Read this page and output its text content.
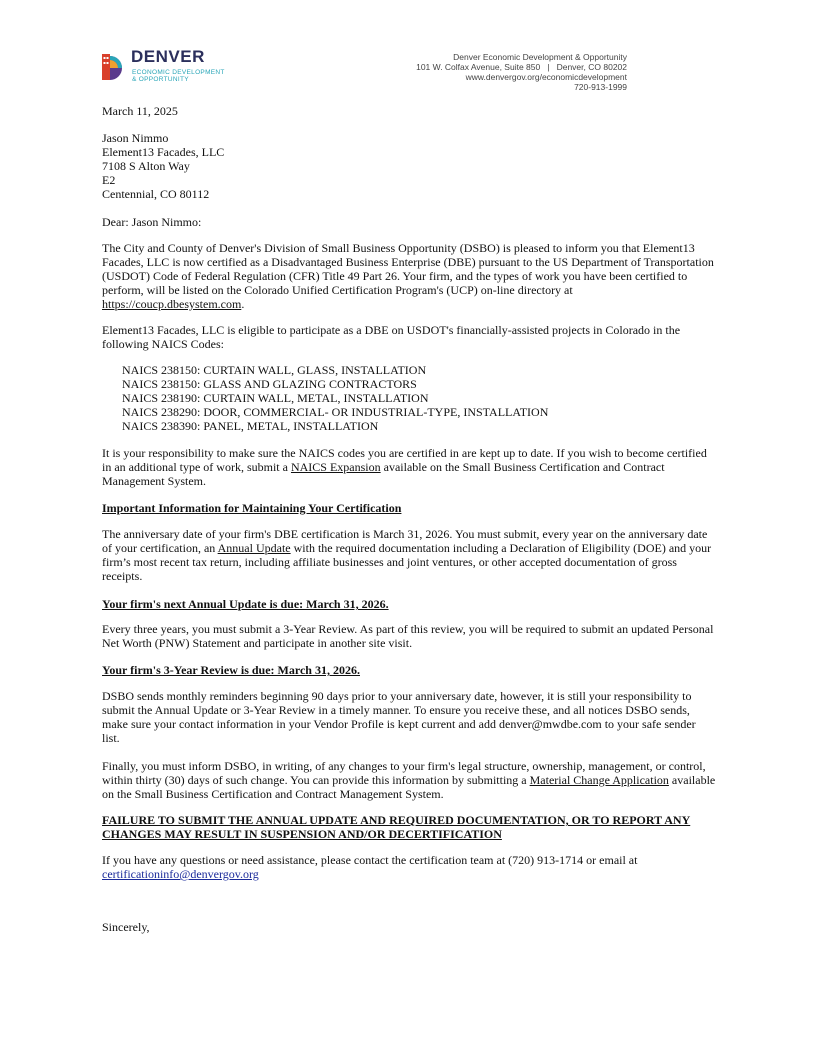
DENVER
ECONOMIC DEVELOPMENT
& OPPORTUNITY
Denver Economic Development & Opportunity
101 W. Colfax Avenue, Suite 850   |   Denver, CO 80202
www.denvergov.org/economicdevelopment
720-913-1999
March 11, 2025
Jason Nimmo
Element13 Facades, LLC
7108 S Alton Way
E2
Centennial, CO 80112
Dear: Jason Nimmo:
The City and County of Denver's Division of Small Business Opportunity (DSBO) is pleased to inform you that Element13 Facades, LLC is now certified as a Disadvantaged Business Enterprise (DBE) pursuant to the US Department of Transportation (USDOT) Code of Federal Regulation (CFR) Title 49 Part 26. Your firm, and the types of work you have been certified to perform, will be listed on the Colorado Unified Certification Program's (UCP) on-line directory at https://coucp.dbesystem.com.
Element13 Facades, LLC is eligible to participate as a DBE on USDOT's financially-assisted projects in Colorado in the following NAICS Codes:
NAICS 238150: CURTAIN WALL, GLASS, INSTALLATION
NAICS 238150: GLASS AND GLAZING CONTRACTORS
NAICS 238190: CURTAIN WALL, METAL, INSTALLATION
NAICS 238290: DOOR, COMMERCIAL- OR INDUSTRIAL-TYPE, INSTALLATION
NAICS 238390: PANEL, METAL, INSTALLATION
It is your responsibility to make sure the NAICS codes you are certified in are kept up to date. If you wish to become certified in an additional type of work, submit a NAICS Expansion available on the Small Business Certification and Contract Management System.
Important Information for Maintaining Your Certification
The anniversary date of your firm's DBE certification is March 31, 2026. You must submit, every year on the anniversary date of your certification, an Annual Update with the required documentation including a Declaration of Eligibility (DOE) and your firm’s most recent tax return, including affiliate businesses and joint ventures, or other accepted documentation of gross receipts.
Your firm's next Annual Update is due: March 31, 2026.
Every three years, you must submit a 3-Year Review. As part of this review, you will be required to submit an updated Personal Net Worth (PNW) Statement and participate in another site visit.
Your firm's 3-Year Review is due: March 31, 2026.
DSBO sends monthly reminders beginning 90 days prior to your anniversary date, however, it is still your responsibility to submit the Annual Update or 3-Year Review in a timely manner. To ensure you receive these, and all notices DSBO sends, make sure your contact information in your Vendor Profile is kept current and add denver@mwdbe.com to your safe sender list.
Finally, you must inform DSBO, in writing, of any changes to your firm's legal structure, ownership, management, or control, within thirty (30) days of such change. You can provide this information by submitting a Material Change Application available on the Small Business Certification and Contract Management System.
FAILURE TO SUBMIT THE ANNUAL UPDATE AND REQUIRED DOCUMENTATION, OR TO REPORT ANY CHANGES MAY RESULT IN SUSPENSION AND/OR DECERTIFICATION
If you have any questions or need assistance, please contact the certification team at (720) 913-1714 or email at certificationinfo@denvergov.org
Sincerely,
